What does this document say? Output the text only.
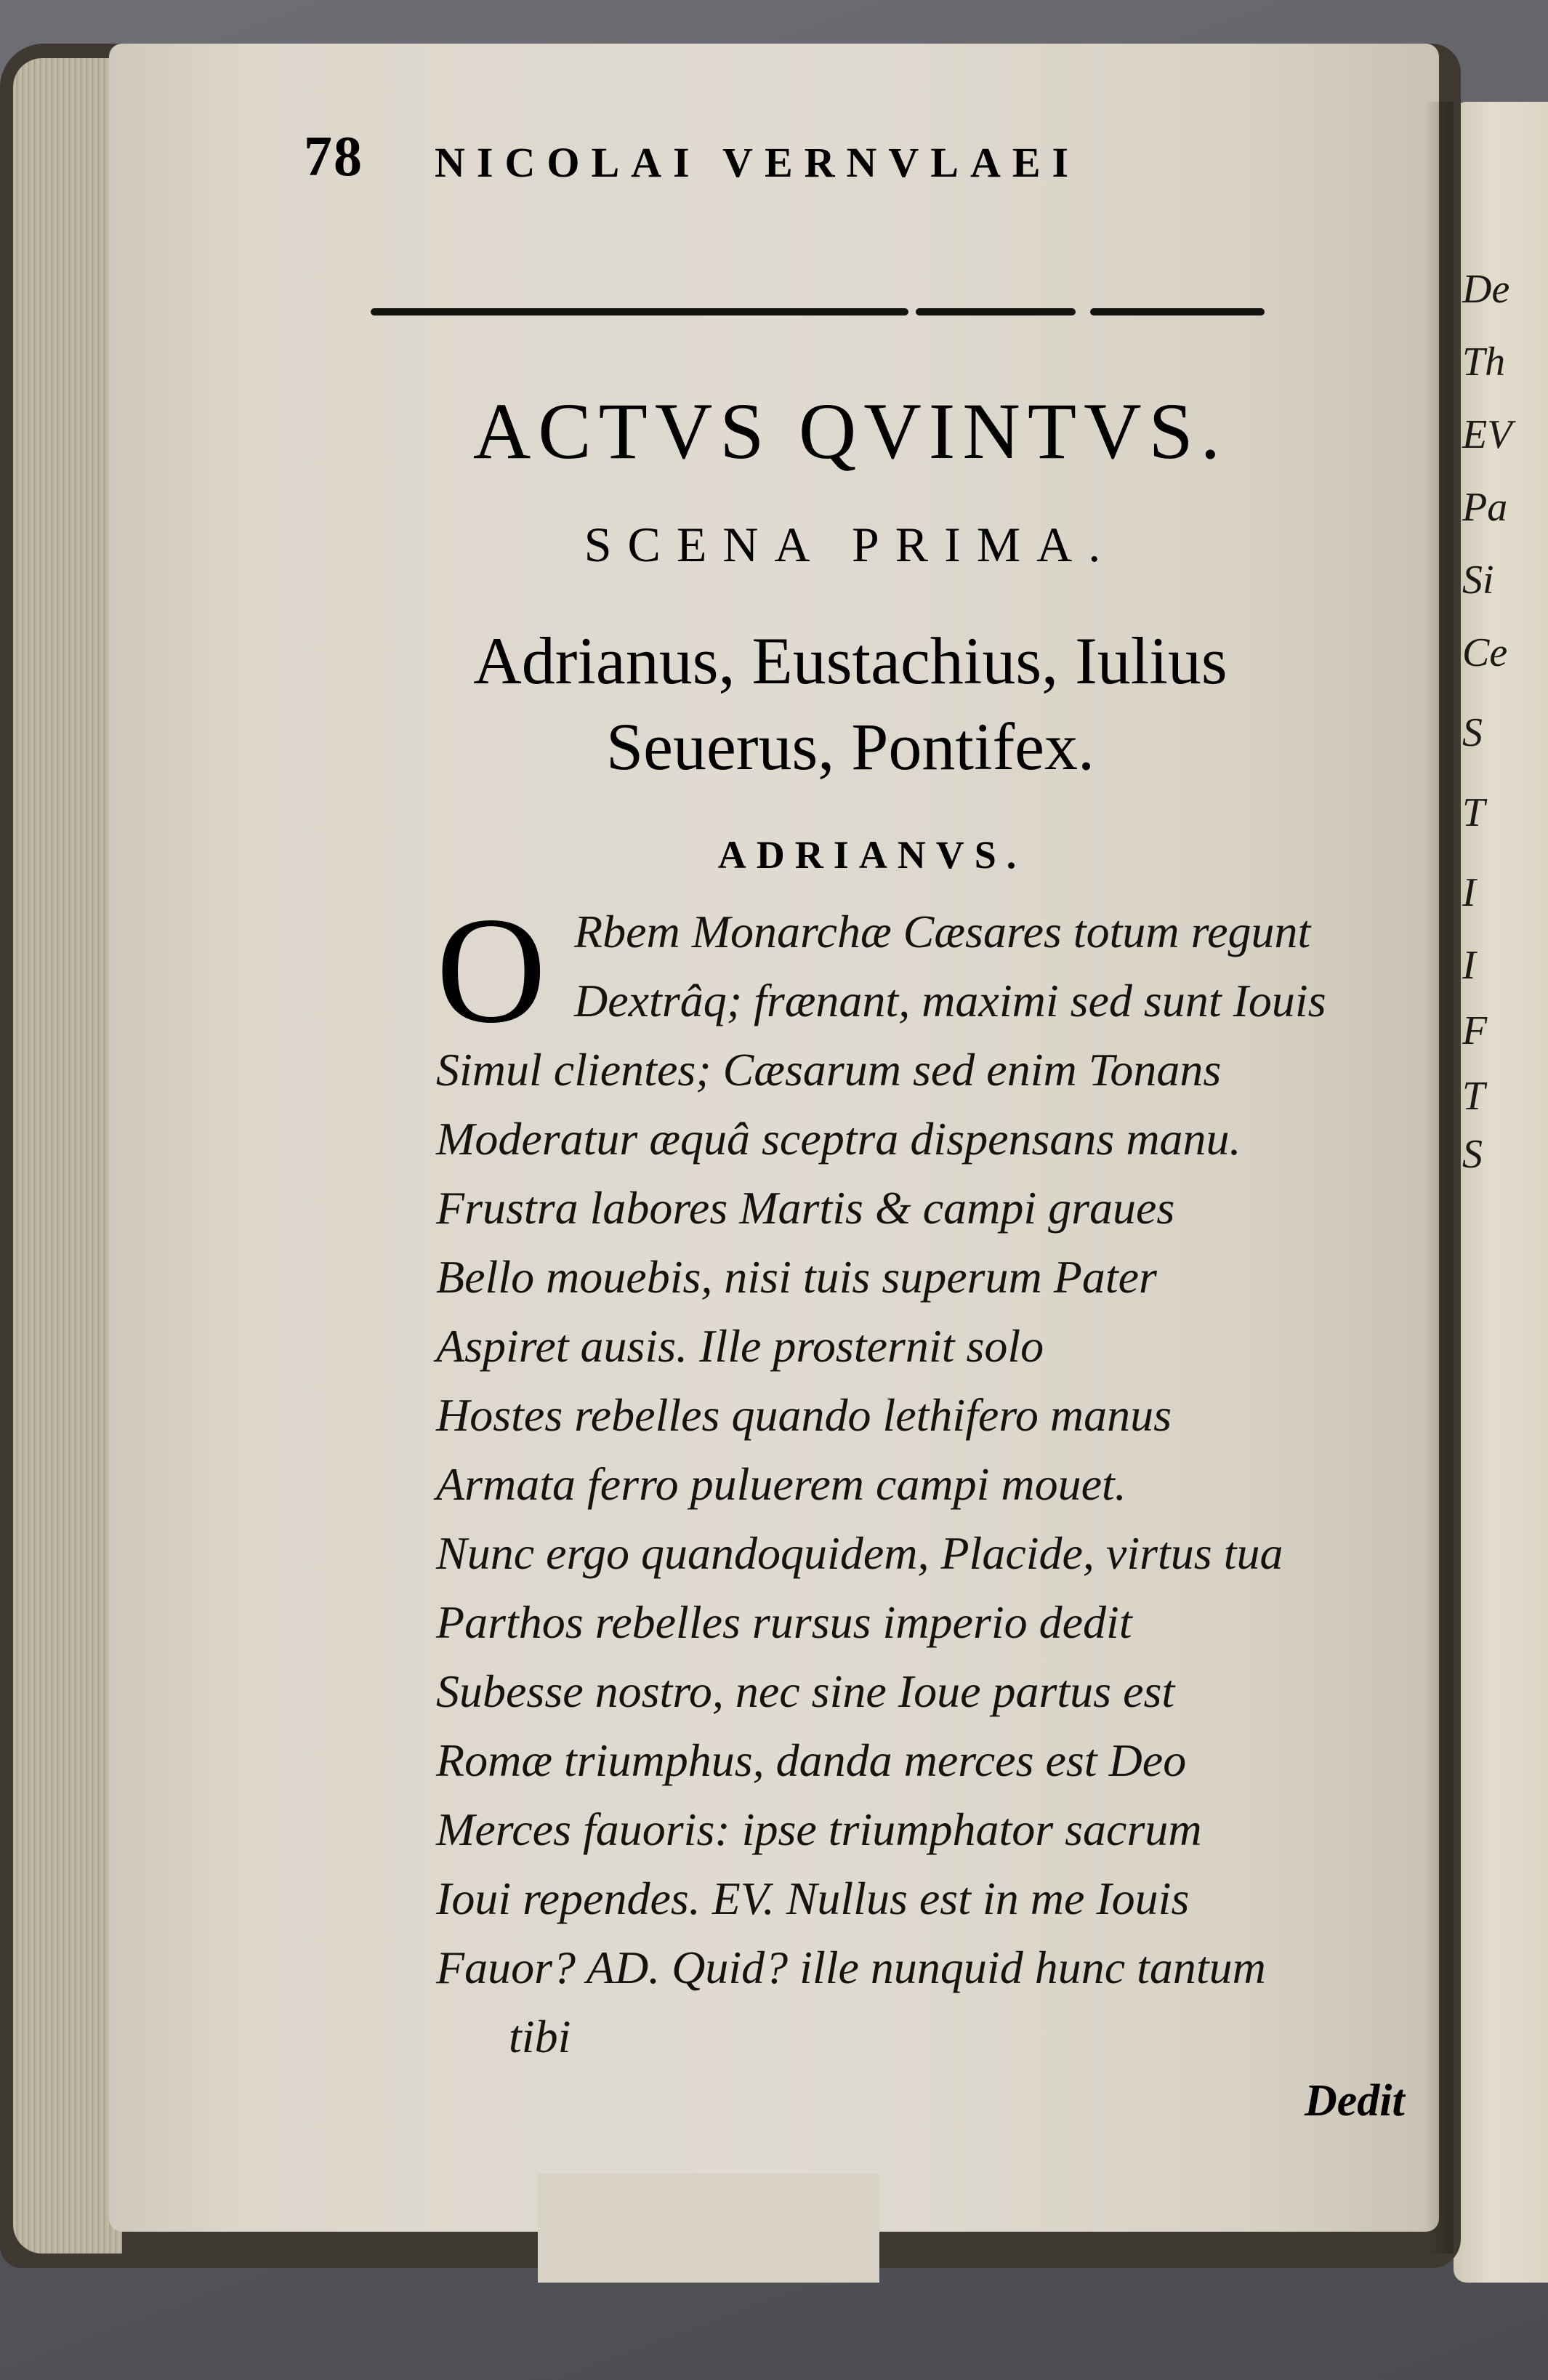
De
Th
EV
Pa
Si
Ce
S
T
I
I
F
T
S
78 NICOLAI VERNVLAEI
ACTVS QVINTVS.
SCENA PRIMA.
Adrianus, Eustachius, Iulius
Seuerus, Pontifex.
ADRIANVS.
O Rbem Monarchæ Cæsares totum regunt
Dextrâq; frænant, maximi sed sunt Iouis
Simul clientes; Cæsarum sed enim Tonans
Moderatur æquâ sceptra dispensans manu.
Frustra labores Martis & campi graues
Bello mouebis, nisi tuis superum Pater
Aspiret ausis. Ille prosternit solo
Hostes rebelles quando lethifero manus
Armata ferro puluerem campi mouet.
Nunc ergo quandoquidem, Placide, virtus tua
Parthos rebelles rursus imperio dedit
Subesse nostro, nec sine Ioue partus est
Romæ triumphus, danda merces est Deo
Merces fauoris: ipse triumphator sacrum
Ioui rependes. EV. Nullus est in me Iouis
Fauor? AD. Quid? ille nunquid hunc tantum
tibi
Dedit
